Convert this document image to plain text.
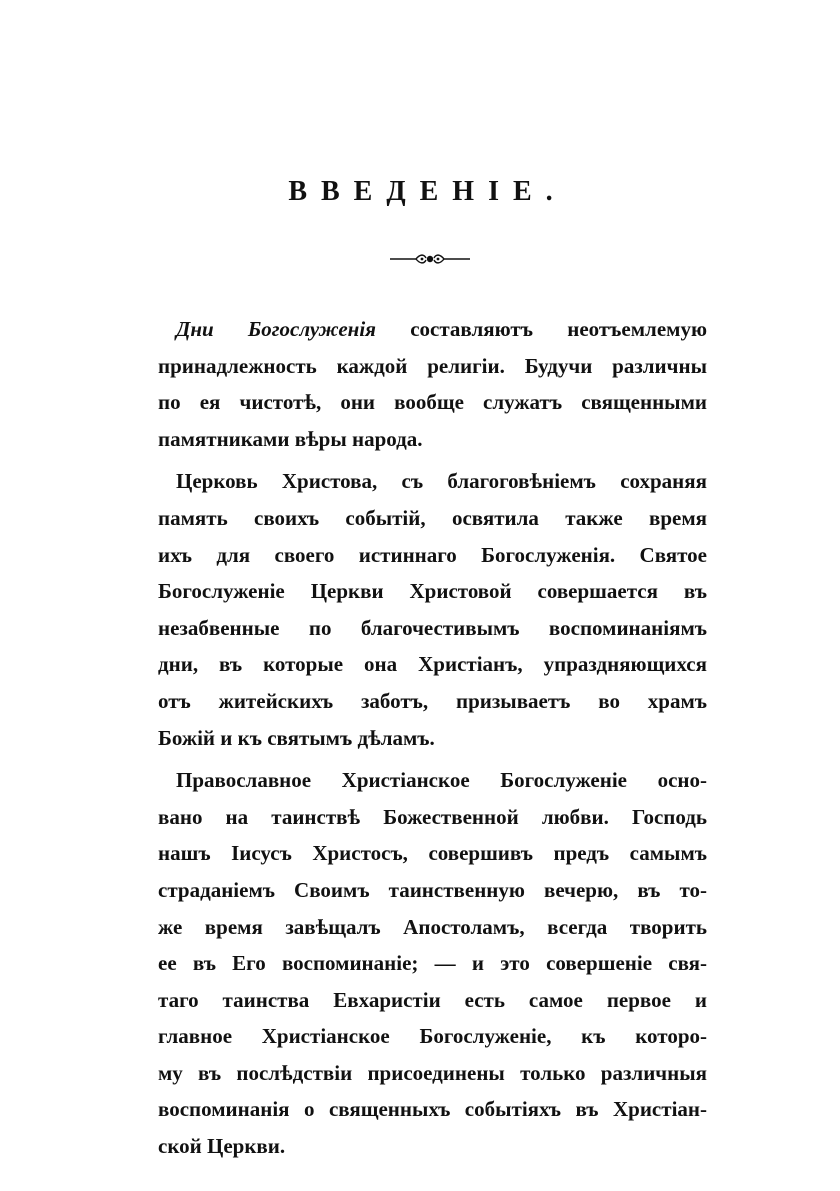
ВВЕДЕНІЕ.
Дни Богослуженія составляютъ неотъемлемую
принадлежность каждой религіи. Будучи различны
по ея чистотѣ, они вообще служатъ священными
памятниками вѣры народа.
Церковь Христова, съ благоговѣніемъ сохраняя
память своихъ событій, освятила также время
ихъ для своего истиннаго Богослуженія. Святое
Богослуженіе Церкви Христовой совершается въ
незабвенные по благочестивымъ воспоминаніямъ
дни, въ которые она Христіанъ, упраздняющихся
отъ житейскихъ заботъ, призываетъ во храмъ
Божій и къ святымъ дѣламъ.
Православное Христіанское Богослуженіе осно-
вано на таинствѣ Божественной любви. Господь
нашъ Іисусъ Христосъ, совершивъ предъ самымъ
страданіемъ Своимъ таинственную вечерю, въ то-
же время завѣщалъ Апостоламъ, всегда творить
ее въ Его воспоминаніе; — и это совершеніе свя-
таго таинства Евхаристіи есть самое первое и
главное Христіанское Богослуженіе, къ которо-
му въ послѣдствіи присоединены только различныя
воспоминанія о священныхъ событіяхъ въ Христіан-
ской Церкви.
